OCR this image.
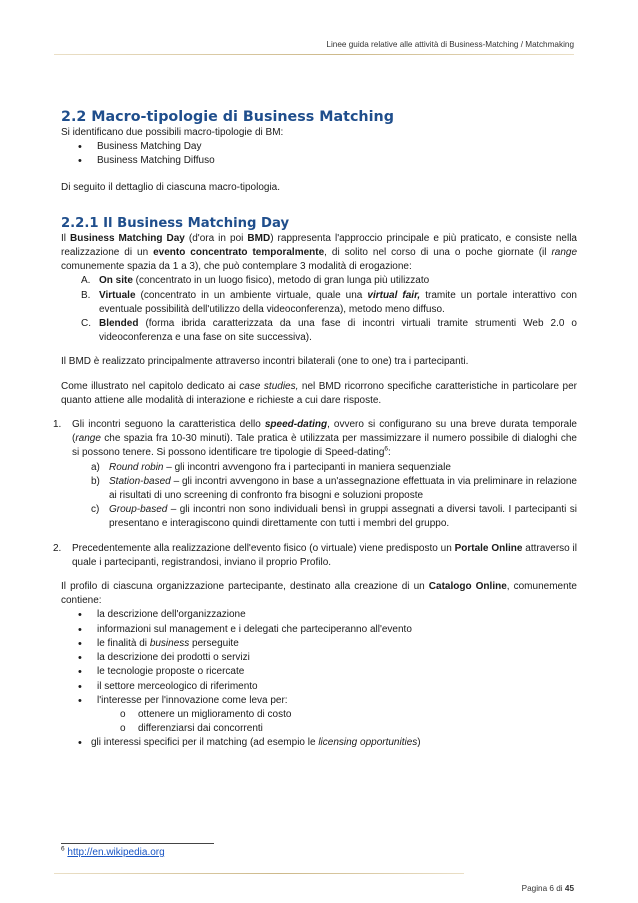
Linee guida relative alle attività di Business-Matching / Matchmaking

2.2 Macro-tipologie di Business Matching

Si identificano due possibili macro-tipologie di BM:

• Business Matching Day
• Business Matching Diffuso

Di seguito il dettaglio di ciascuna macro-tipologia.

2.2.1 Il Business Matching Day

Il Business Matching Day (d'ora in poi BMD) rappresenta l'approccio principale e più praticato, e consiste nella realizzazione di un evento concentrato temporalmente, di solito nel corso di una o poche giornate (il range comunemente spazia da 1 a 3), che può contemplare 3 modalità di erogazione:

A. On site (concentrato in un luogo fisico), metodo di gran lunga più utilizzato
B. Virtuale (concentrato in un ambiente virtuale, quale una virtual fair, tramite un portale interattivo con eventuale possibilità dell'utilizzo della videoconferenza), metodo meno diffuso.
C. Blended (forma ibrida caratterizzata da una fase di incontri virtuali tramite strumenti Web 2.0 o videoconferenza e una fase on site successiva).

Il BMD è realizzato principalmente attraverso incontri bilaterali (one to one) tra i partecipanti.

Come illustrato nel capitolo dedicato ai case studies, nel BMD ricorrono specifiche caratteristiche in particolare per quanto attiene alle modalità di interazione e richieste a cui dare risposte.

1. Gli incontri seguono la caratteristica dello speed-dating, ovvero si configurano su una breve durata temporale (range che spazia fra 10-30 minuti). Tale pratica è utilizzata per massimizzare il numero possibile di dialoghi che si possono tenere. Si possono identificare tre tipologie di Speed-dating$^6$:
a) Round robin – gli incontri avvengono fra i partecipanti in maniera sequenziale
b) Station-based – gli incontri avvengono in base a un'assegnazione effettuata in via preliminare in relazione ai risultati di uno screening di confronto fra bisogni e soluzioni proposte
c) Group-based – gli incontri non sono individuali bensì in gruppi assegnati a diversi tavoli. I partecipanti si presentano e interagiscono quindi direttamente con tutti i membri del gruppo.
2. Precedentemente alla realizzazione dell'evento fisico (o virtuale) viene predisposto un Portale Online attraverso il quale i partecipanti, registrandosi, inviano il proprio Profilo.

Il profilo di ciascuna organizzazione partecipante, destinato alla creazione di un Catalogo Online, comunemente contiene:

• la descrizione dell'organizzazione
• informazioni sul management e i delegati che parteciperanno all'evento
• le finalità di business perseguite
• la descrizione dei prodotti o servizi
• le tecnologie proposte o ricercate
• il settore merceologico di riferimento
• l'interesse per l'innovazione come leva per:
o ottenere un miglioramento di costo
o differenziarsi dai concorrenti
• gli interessi specifici per il matching (ad esempio le licensing opportunities)
$^6$ http://en.wikipedia.org
Pagina 6 di 45
